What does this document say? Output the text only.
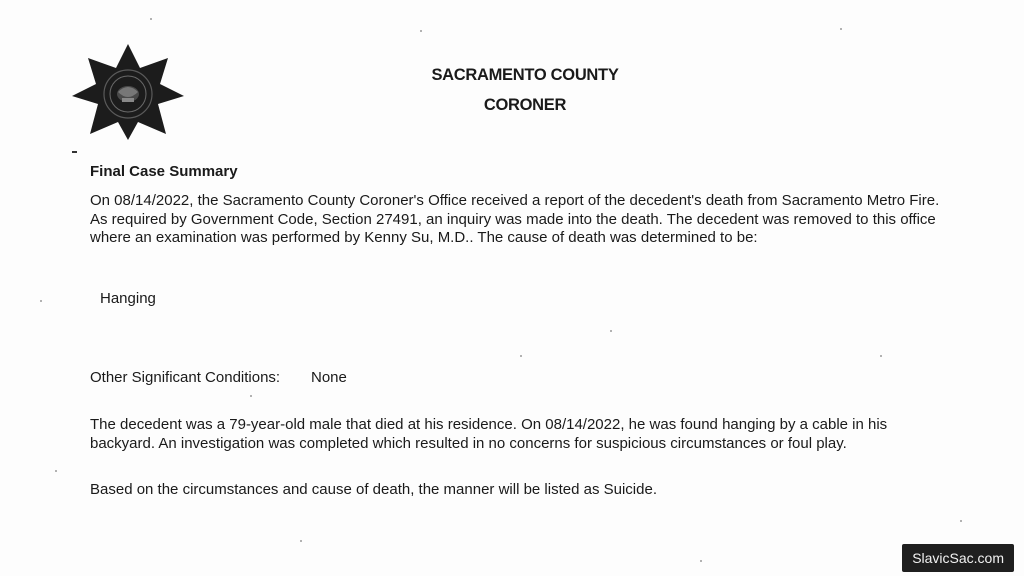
SACRAMENTO COUNTY
CORONER
Final Case Summary
On 08/14/2022, the Sacramento County Coroner's Office received a report of the decedent's death from Sacramento Metro Fire. As required by Government Code, Section 27491, an inquiry was made into the death. The decedent was removed to this office where an examination was performed by Kenny Su, M.D.. The cause of death was determined to be:
Hanging
Other Significant Conditions: None
The decedent was a 79-year-old male that died at his residence. On 08/14/2022, he was found hanging by a cable in his backyard. An investigation was completed which resulted in no concerns for suspicious circumstances or foul play.
Based on the circumstances and cause of death, the manner will be listed as Suicide.
SlavicSac.com
